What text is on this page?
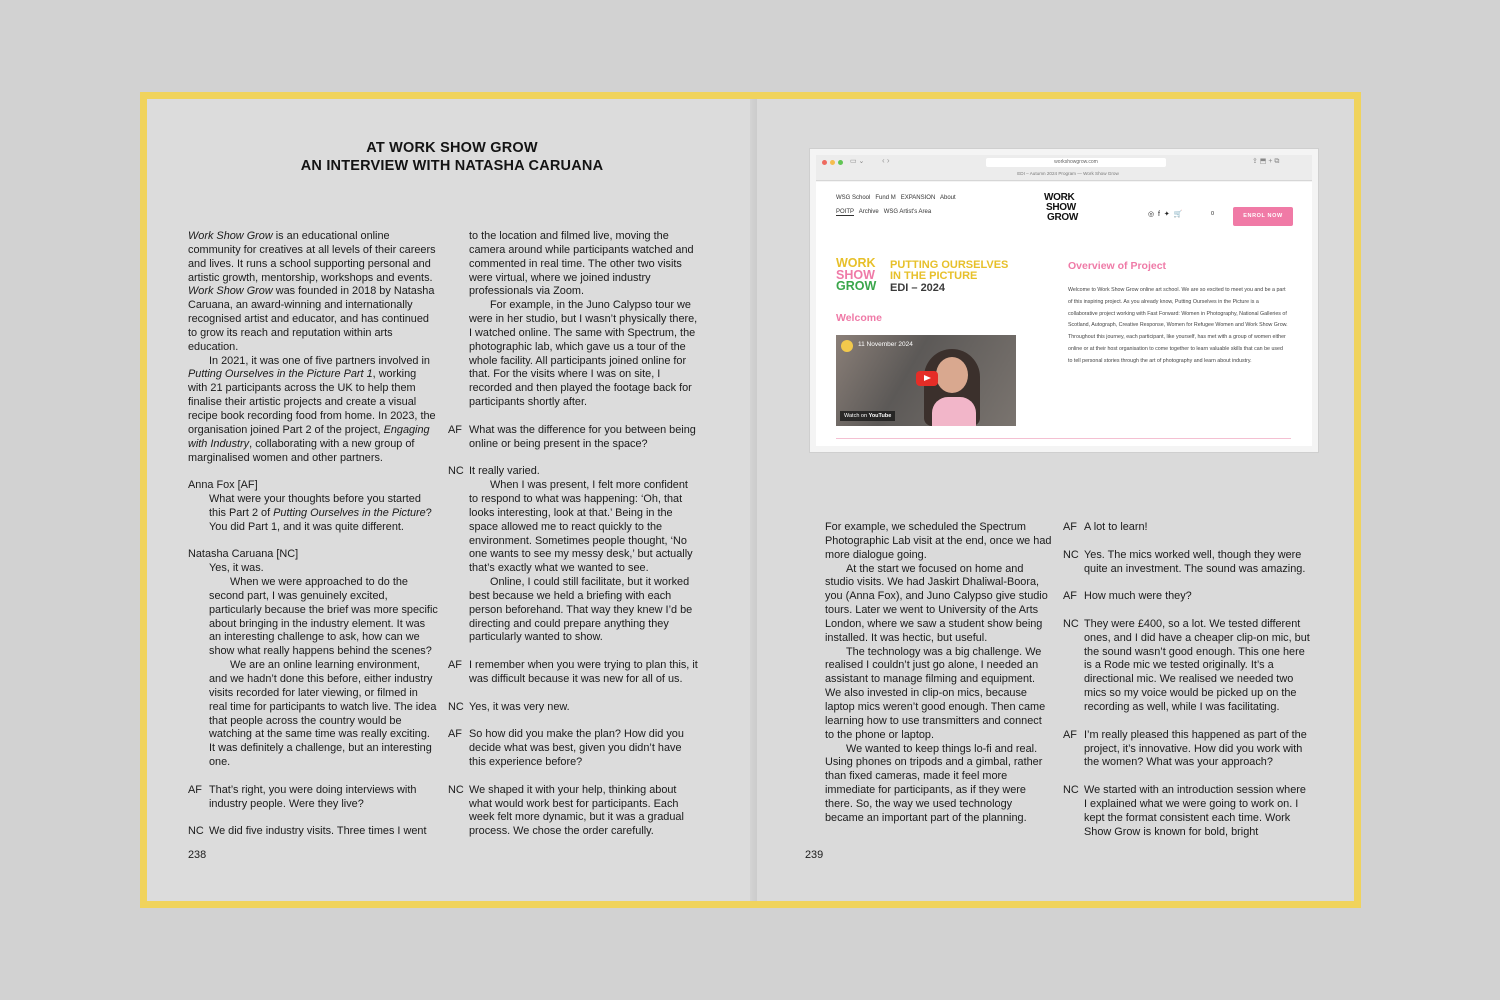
AT WORK SHOW GROW
AN INTERVIEW WITH NATASHA CARUANA

Work Show Grow is an educational online community for creatives at all levels of their careers and lives. It runs a school supporting personal and artistic growth, mentorship, workshops and events. Work Show Grow was founded in 2018 by Natasha Caruana, an award-winning and internationally recognised artist and educator, and has continued to grow its reach and reputation within arts education.

In 2021, it was one of five partners involved in Putting Ourselves in the Picture Part 1, working with 21 participants across the UK to help them finalise their artistic projects and create a visual recipe book recording food from home. In 2023, the organisation joined Part 2 of the project, Engaging with Industry, collaborating with a new group of marginalised women and other partners.

Anna Fox [AF]

What were your thoughts before you started this Part 2 of Putting Ourselves in the Picture? You did Part 1, and it was quite different.

Natasha Caruana [NC]

Yes, it was.

When we were approached to do the second part, I was genuinely excited, particularly because the brief was more specific about bringing in the industry element. It was an interesting challenge to ask, how can we show what really happens behind the scenes?

We are an online learning environment, and we hadn’t done this before, either industry visits recorded for later viewing, or filmed in real time for participants to watch live. The idea that people across the country would be watching at the same time was really exciting. It was definitely a challenge, but an interesting one.

AF That’s right, you were doing interviews with industry people. Were they live?
NC We did five industry visits. Three times I went

to the location and filmed live, moving the camera around while participants watched and commented in real time. The other two visits were virtual, where we joined industry professionals via Zoom.

For example, in the Juno Calypso tour we were in her studio, but I wasn’t physically there, I watched online. The same with Spectrum, the photographic lab, which gave us a tour of the whole facility. All participants joined online for that. For the visits where I was on site, I recorded and then played the footage back for participants shortly after.

AF What was the difference for you between being online or being present in the space?
NC It really varied.

When I was present, I felt more confident to respond to what was happening: ‘Oh, that looks interesting, look at that.’ Being in the space allowed me to react quickly to the environment. Sometimes people thought, ‘No one wants to see my messy desk,’ but actually that’s exactly what we wanted to see.

Online, I could still facilitate, but it worked best because we held a briefing with each person beforehand. That way they knew I’d be directing and could prepare anything they particularly wanted to show.

AF I remember when you were trying to plan this, it was difficult because it was new for all of us.
NC Yes, it was very new.
AF So how did you make the plan? How did you decide what was best, given you didn’t have this experience before?
NC We shaped it with your help, thinking about what would work best for participants. Each week felt more dynamic, but it was a gradual process. We chose the order carefully.
238
▭ ⌄ ‹ ›	workshowgrow.com	⇪ ⬒ + ⧉
EDI – Autumn 2024 Program — Work Show Grow
WSG School Fund M EXPANSION About
POITP Archive WSG Artist's Area
WORK
SHOW
GROW	◎  f  ✦  🛒	0	ENROL NOW
WORK
SHOW
GROW
PUTTING OURSELVES
IN THE PICTURE
EDI – 2024
Welcome
11 November 2024
Watch on YouTube
Overview of Project
Welcome to Work Show Grow online art school. We are so excited to meet you and be a part of this inspiring project. As you already know, Putting Ourselves in the Picture is a collaborative project working with Fast Forward: Women in Photography, National Galleries of Scotland, Autograph, Creative Response, Women for Refugee Women and Work Show Grow. Throughout this journey, each participant, like yourself, has met with a group of women either online or at their host organisation to come together to learn valuable skills that can be used to tell personal stories through the art of photography and learn about industry.

For example, we scheduled the Spectrum Photographic Lab visit at the end, once we had more dialogue going.

At the start we focused on home and studio visits. We had Jaskirt Dhaliwal-Boora, you (Anna Fox), and Juno Calypso give studio tours. Later we went to University of the Arts London, where we saw a student show being installed. It was hectic, but useful.

The technology was a big challenge. We realised I couldn’t just go alone, I needed an assistant to manage filming and equipment. We also invested in clip-on mics, because laptop mics weren’t good enough. Then came learning how to use transmitters and connect to the phone or laptop.

We wanted to keep things lo-fi and real. Using phones on tripods and a gimbal, rather than fixed cameras, made it feel more immediate for participants, as if they were there. So, the way we used technology became an important part of the planning.

AF A lot to learn!
NC Yes. The mics worked well, though they were quite an investment. The sound was amazing.
AF How much were they?
NC They were £400, so a lot. We tested different ones, and I did have a cheaper clip-on mic, but the sound wasn’t good enough. This one here is a Rode mic we tested originally. It’s a directional mic. We realised we needed two mics so my voice would be picked up on the recording as well, while I was facilitating.
AF I’m really pleased this happened as part of the project, it’s innovative. How did you work with the women? What was your approach?
NC We started with an introduction session where I explained what we were going to work on. I kept the format consistent each time. Work Show Grow is known for bold, bright
239
